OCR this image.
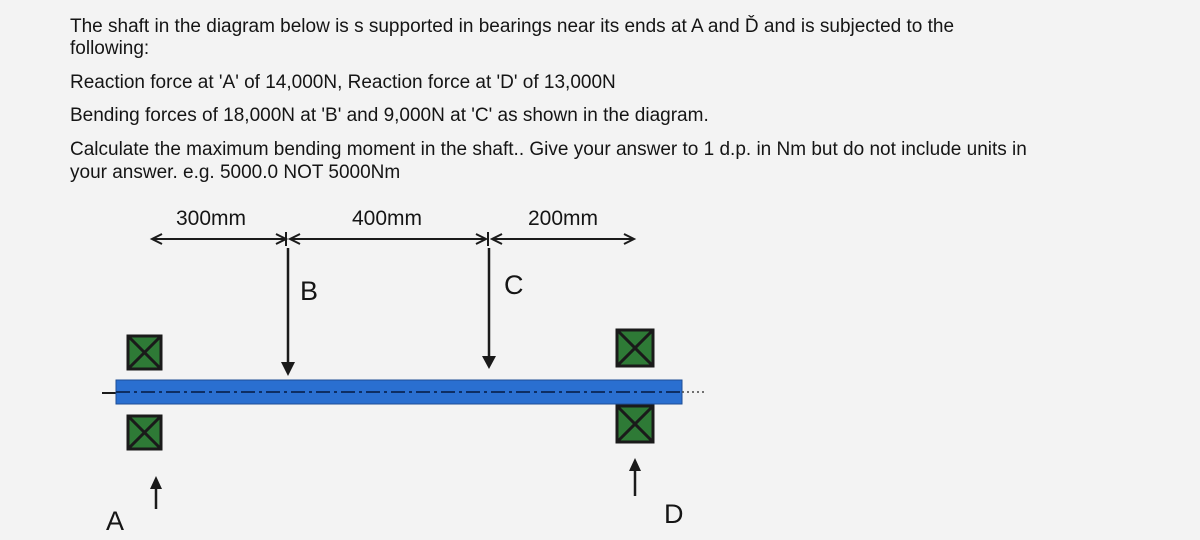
The shaft in the diagram below is s supported in bearings near its ends at A and Ď and is subjected to the
following:
Reaction force at 'A' of 14,000N, Reaction force at 'D' of 13,000N
Bending forces of 18,000N at 'B' and 9,000N at 'C' as shown in the diagram.
Calculate the maximum bending moment in the shaft.. Give your answer to 1 d.p. in Nm but do not include units in
your answer. e.g. 5000.0 NOT 5000Nm
300mm	400mm	200mm
B	C
A	D
